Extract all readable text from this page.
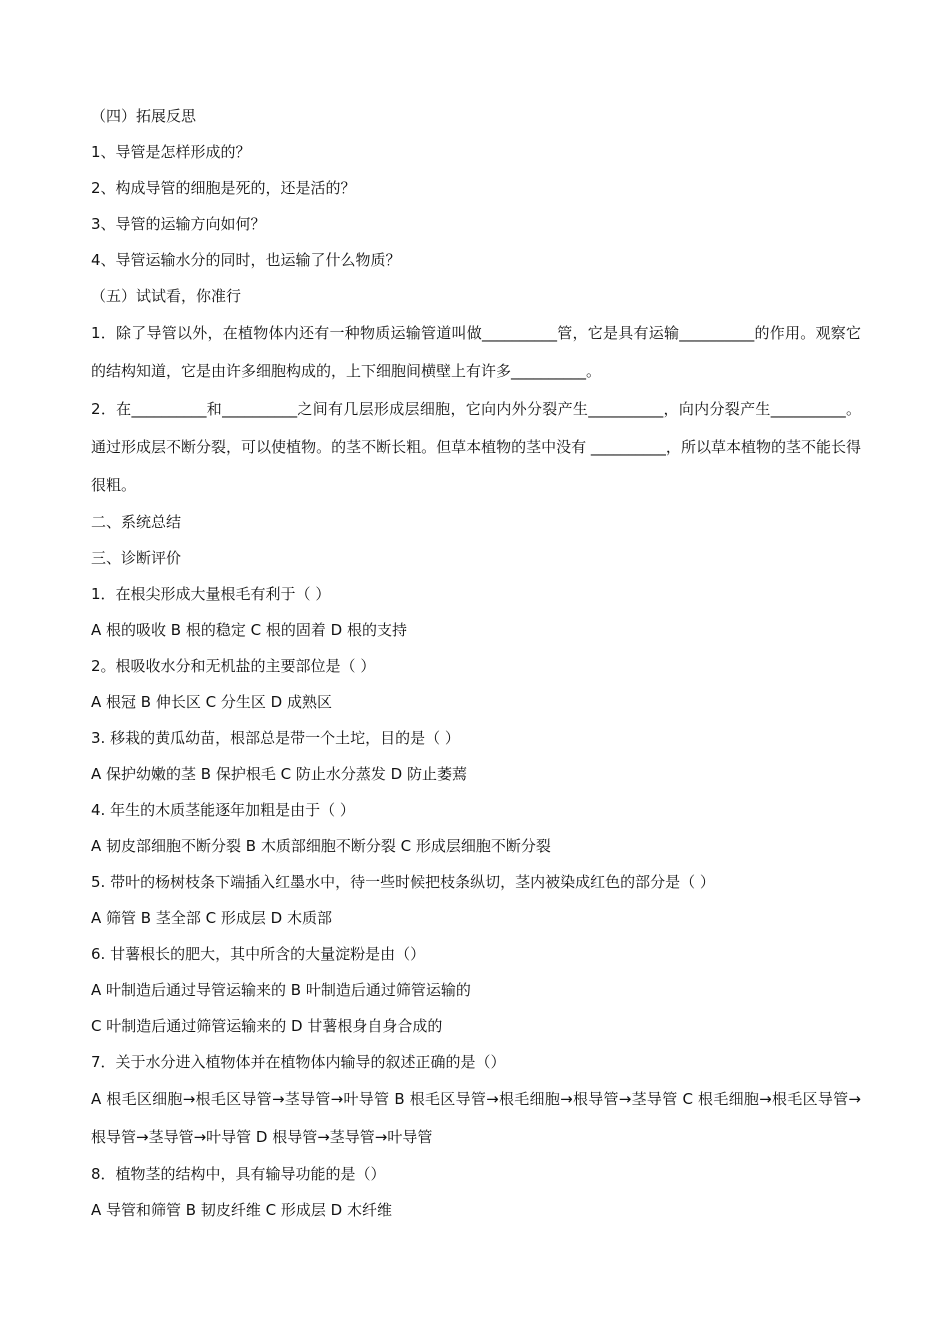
（四）拓展反思
1、导管是怎样形成的？
2、构成导管的细胞是死的，还是活的？
3、导管的运输方向如何？
4、导管运输水分的同时，也运输了什么物质？
（五）试试看，你准行
1．除了导管以外，在植物体内还有一种物质运输管道叫做__________管，它是具有运输__________的作用。观察它的结构知道，它是由许多细胞构成的，上下细胞间横壁上有许多__________。
2．在__________和__________之间有几层形成层细胞，它向内外分裂产生__________，向内分裂产生__________。通过形成层不断分裂，可以使植物。的茎不断长粗。但草本植物的茎中没有 __________，所以草本植物的茎不能长得很粗。
二、系统总结
三、诊断评价
1．在根尖形成大量根毛有利于（ ）
A 根的吸收 B 根的稳定 C 根的固着 D 根的支持
2。根吸收水分和无机盐的主要部位是（ ）
A 根冠 B 伸长区 C 分生区 D 成熟区
3. 移栽的黄瓜幼苗，根部总是带一个土坨，目的是（ ）
A 保护幼嫩的茎 B 保护根毛 C 防止水分蒸发 D 防止萎蔫
4. 年生的木质茎能逐年加粗是由于（ ）
A 韧皮部细胞不断分裂 B 木质部细胞不断分裂 C 形成层细胞不断分裂
5. 带叶的杨树枝条下端插入红墨水中，待一些时候把枝条纵切，茎内被染成红色的部分是（ ）
A 筛管 B 茎全部 C 形成层 D 木质部
6. 甘薯根长的肥大，其中所含的大量淀粉是由（）
A 叶制造后通过导管运输来的 B 叶制造后通过筛管运输的
C 叶制造后通过筛管运输来的 D 甘薯根身自身合成的
7．关于水分进入植物体并在植物体内输导的叙述正确的是（）
A 根毛区细胞→根毛区导管→茎导管→叶导管 B 根毛区导管→根毛细胞→根导管→茎导管 C 根毛细胞→根毛区导管→根导管→茎导管→叶导管 D 根导管→茎导管→叶导管
8．植物茎的结构中，具有输导功能的是（）
A 导管和筛管 B 韧皮纤维 C 形成层 D 木纤维
